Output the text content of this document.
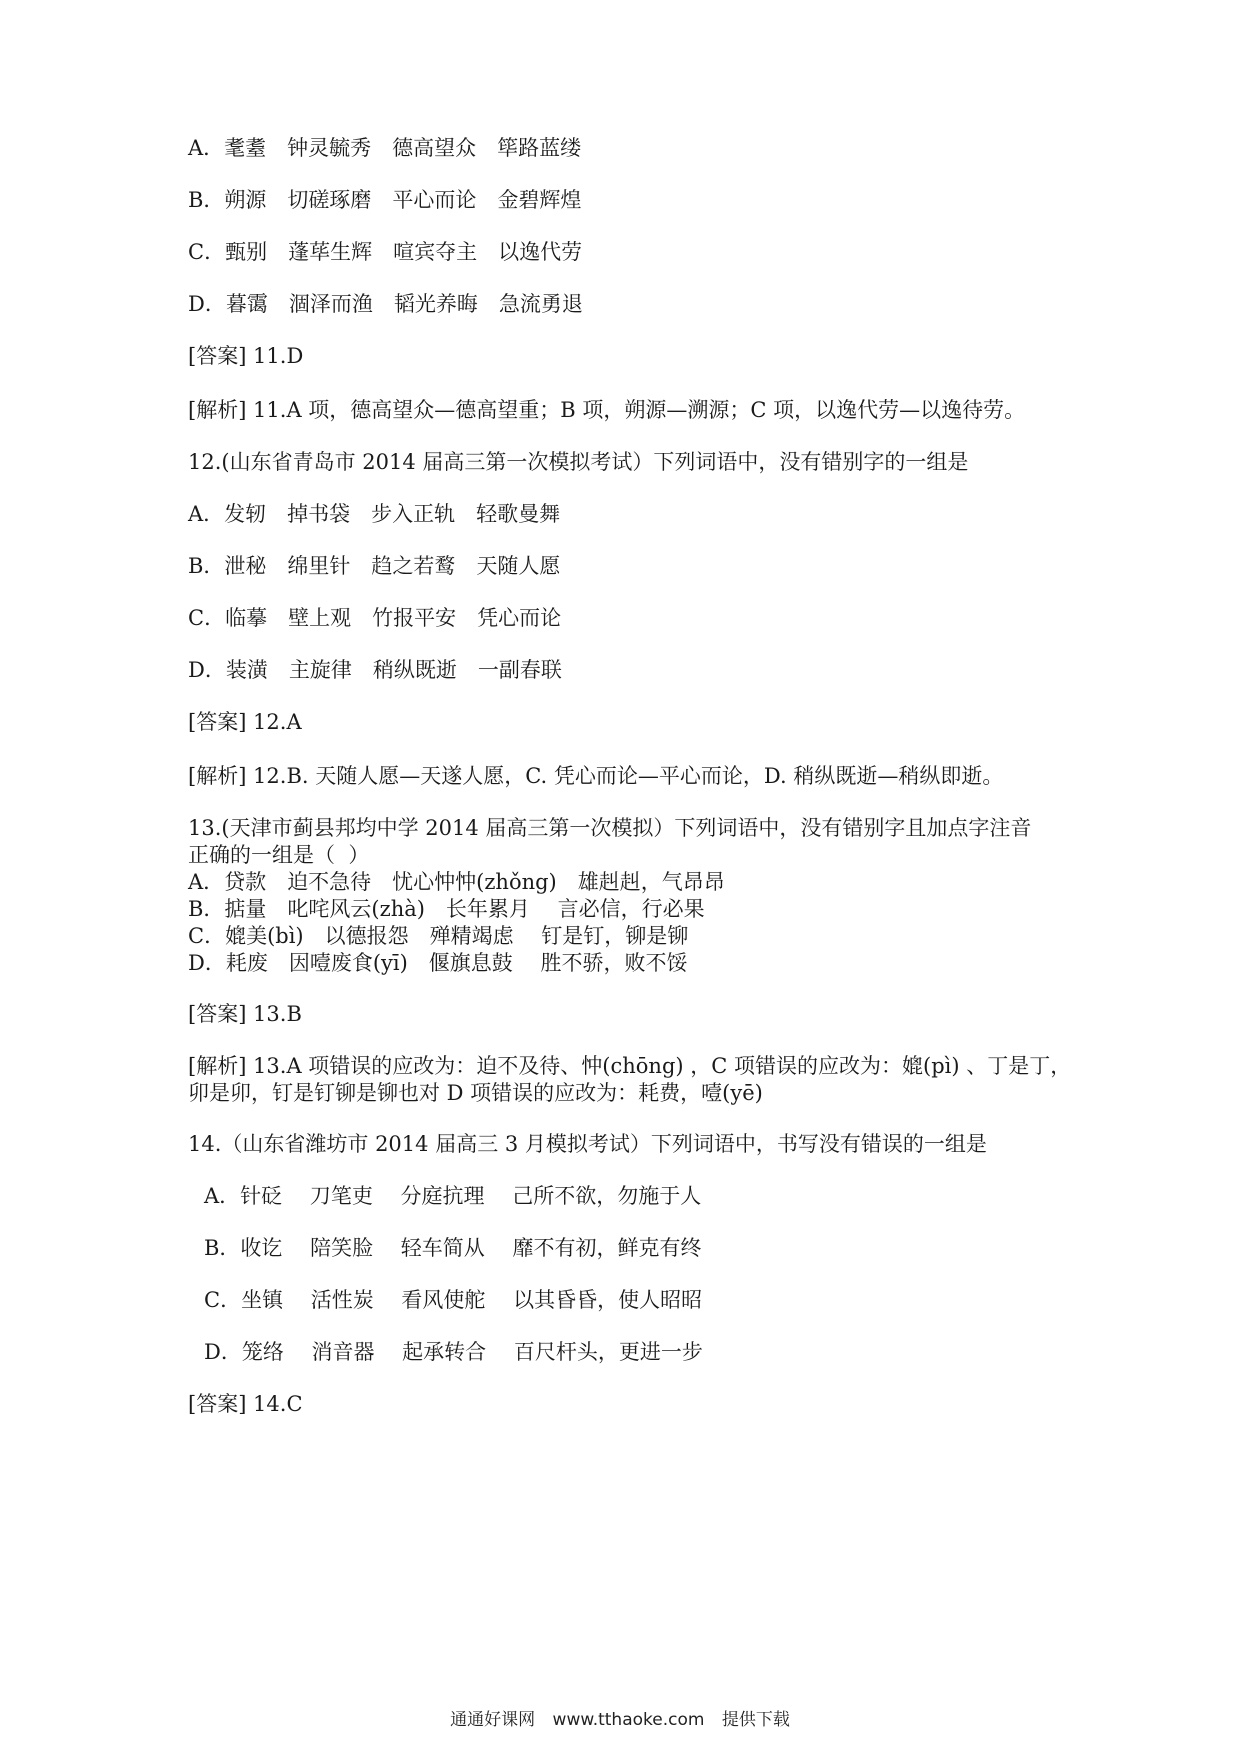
A．耄耋　钟灵毓秀　德高望众　筚路蓝缕
B．朔源　切磋琢磨　平心而论　金碧辉煌
C．甄别　蓬荜生辉　喧宾夺主　以逸代劳
D．暮霭　涸泽而渔　韬光养晦　急流勇退
[答案] 11.D
[解析] 11.A 项，德高望众—德高望重；B 项，朔源—溯源；C 项，以逸代劳—以逸待劳。
12.(山东省青岛市 2014 届高三第一次模拟考试）下列词语中，没有错别字的一组是
A．发轫　掉书袋　步入正轨　轻歌曼舞
B．泄秘　绵里针　趋之若鹜　天随人愿
C．临摹　壁上观　竹报平安　凭心而论
D．装潢　主旋律　稍纵既逝　一副春联
[答案] 12.A
[解析] 12.B. 天随人愿—天遂人愿，C. 凭心而论—平心而论，D. 稍纵既逝—稍纵即逝。
13.(天津市蓟县邦均中学 2014 届高三第一次模拟）下列词语中，没有错别字且加点字注音
正确的一组是（  ）
A．贷款　迫不急待　忧心忡忡(zhǒng)　雄赳赳，气昂昂
B．掂量　叱咤风云(zhà)　长年累月　 言必信，行必果
C．媲美(bì)　以德报怨　殚精竭虑　 钉是钉，铆是铆
D．耗废　因噎废食(yī)　偃旗息鼓　 胜不骄，败不馁
[答案] 13.B
[解析] 13.A 项错误的应改为：迫不及待、忡(chōng) ，C 项错误的应改为：媲(pì) 、丁是丁，
卯是卯，钉是钉铆是铆也对 D 项错误的应改为：耗费，噎(yē)
14.（山东省潍坊市 2014 届高三 3 月模拟考试）下列词语中，书写没有错误的一组是
A．针砭　 刀笔吏　 分庭抗理　 己所不欲，勿施于人
B．收讫　 陪笑脸　 轻车简从　 靡不有初，鲜克有终
C．坐镇　 活性炭　 看风使舵　 以其昏昏，使人昭昭
D．笼络　 消音器　 起承转合　 百尺杆头，更进一步
[答案] 14.C
通通好课网 www.tthaoke.com 提供下载
